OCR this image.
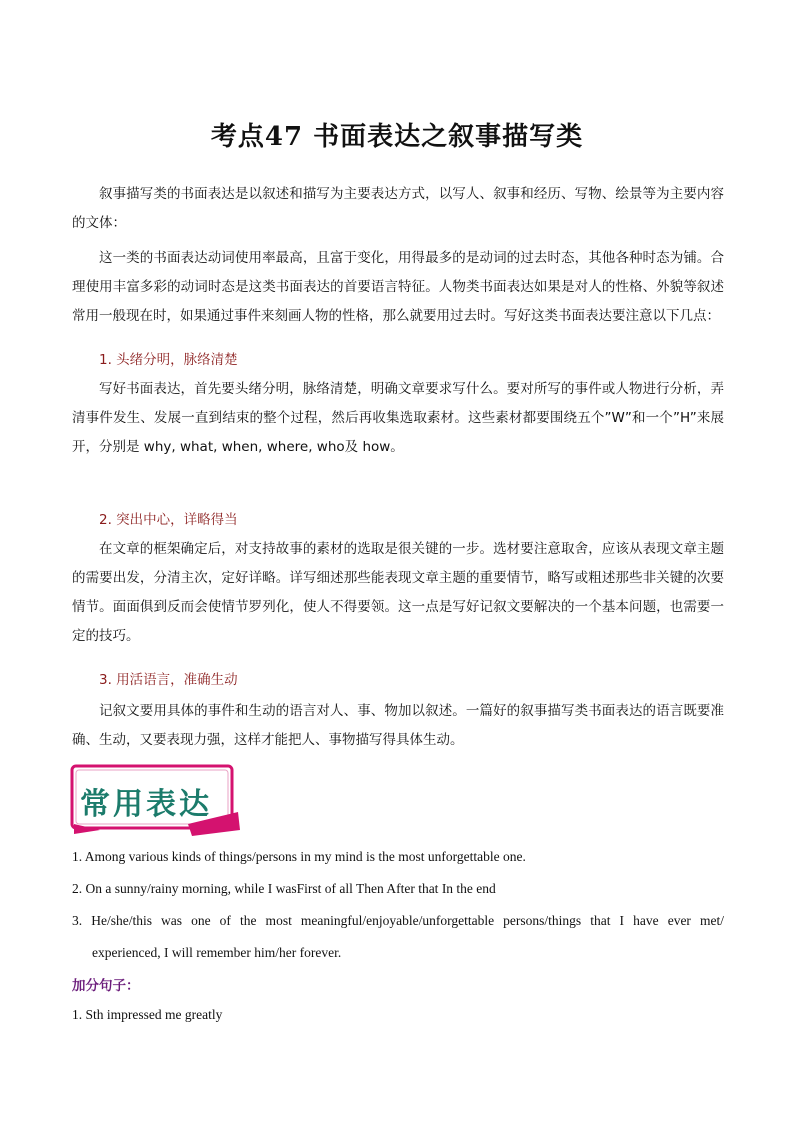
考点47 书面表达之叙事描写类
叙事描写类的书面表达是以叙述和描写为主要表达方式，以写人、叙事和经历、写物、绘景等为主要内容的文体：
这一类的书面表达动词使用率最高，且富于变化，用得最多的是动词的过去时态，其他各种时态为铺。合理使用丰富多彩的动词时态是这类书面表达的首要语言特征。人物类书面表达如果是对人的性格、外貌等叙述常用一般现在时，如果通过事件来刻画人物的性格，那么就要用过去时。写好这类书面表达要注意以下几点：
1. 头绪分明，脉络清楚
写好书面表达，首先要头绪分明，脉络清楚，明确文章要求写什么。要对所写的事件或人物进行分析，弄清事件发生、发展一直到结束的整个过程，然后再收集选取素材。这些素材都要围绕五个”W”和一个”H”来展开，分别是 why, what, when, where, who及 how。
2. 突出中心，详略得当
在文章的框架确定后，对支持故事的素材的选取是很关键的一步。选材要注意取舍，应该从表现文章主题的需要出发，分清主次，定好详略。详写细述那些能表现文章主题的重要情节，略写或粗述那些非关键的次要情节。面面俱到反而会使情节罗列化，使人不得要领。这一点是写好记叙文要解决的一个基本问题，也需要一定的技巧。
3. 用活语言，准确生动
记叙文要用具体的事件和生动的语言对人、事、物加以叙述。一篇好的叙事描写类书面表达的语言既要准确、生动，又要表现力强，这样才能把人、事物描写得具体生动。
常用表达
1. Among various kinds of things/persons in my mind is the most unforgettable one.
2. On a sunny/rainy morning, while I wasFirst of all Then After that In the end
3. He/she/this was one of the most meaningful/enjoyable/unforgettable persons/things that I have ever met/
experienced, I will remember him/her forever.
加分句子：
1. Sth impressed me greatly
